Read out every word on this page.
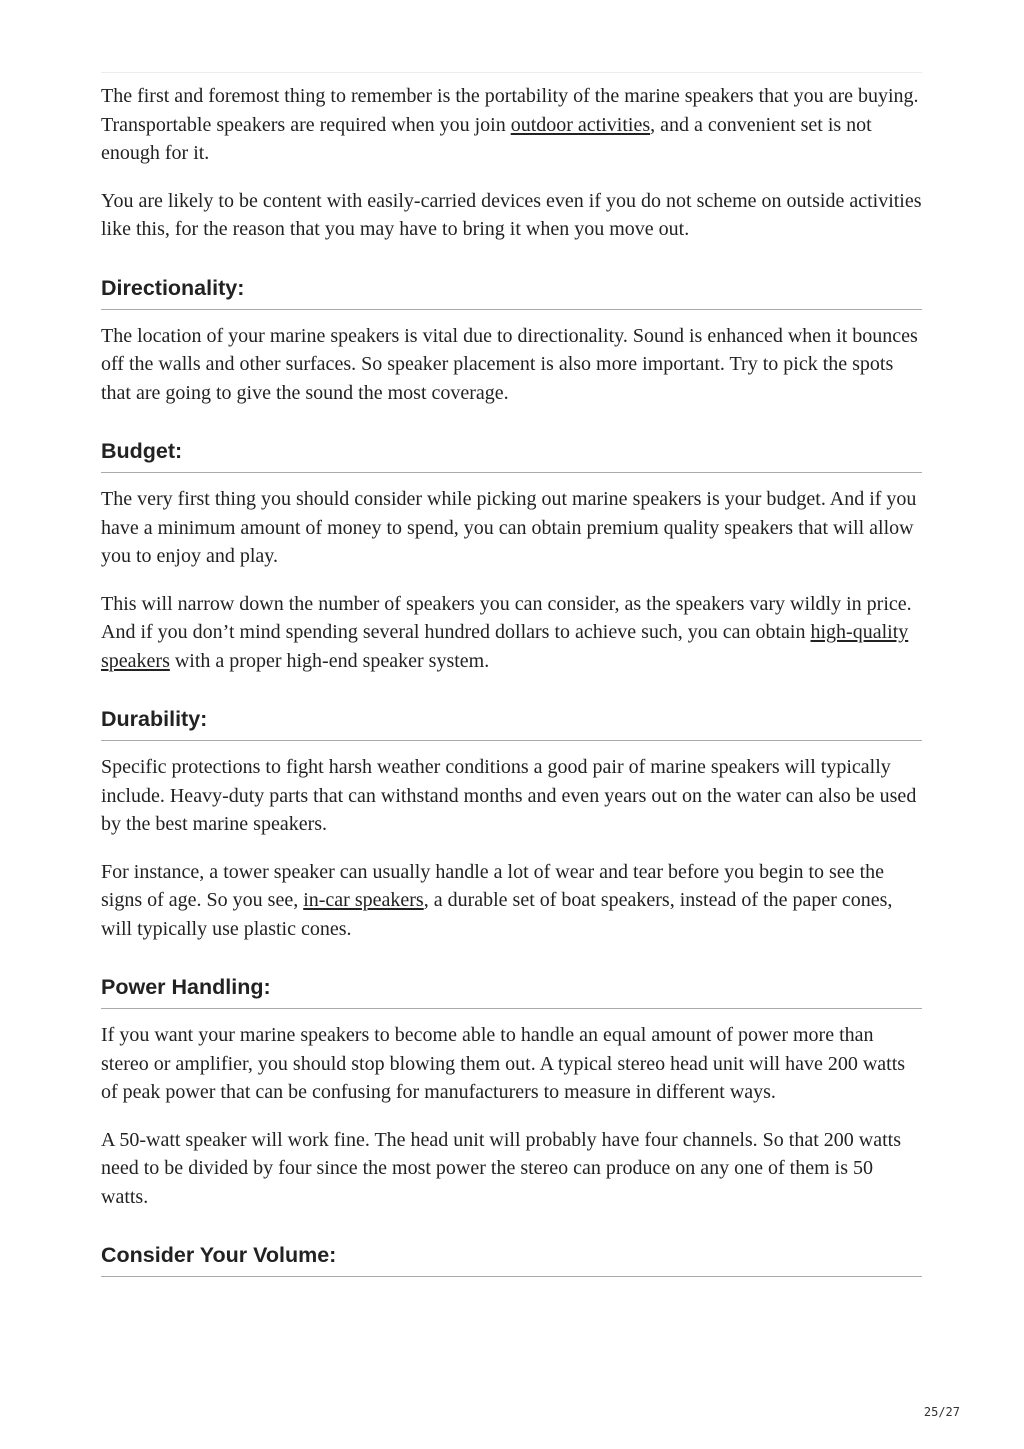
The first and foremost thing to remember is the portability of the marine speakers that you are buying. Transportable speakers are required when you join outdoor activities, and a convenient set is not enough for it.

You are likely to be content with easily-carried devices even if you do not scheme on outside activities like this, for the reason that you may have to bring it when you move out.

Directionality:

The location of your marine speakers is vital due to directionality. Sound is enhanced when it bounces off the walls and other surfaces. So speaker placement is also more important. Try to pick the spots that are going to give the sound the most coverage.

Budget:

The very first thing you should consider while picking out marine speakers is your budget. And if you have a minimum amount of money to spend, you can obtain premium quality speakers that will allow you to enjoy and play.

This will narrow down the number of speakers you can consider, as the speakers vary wildly in price. And if you don’t mind spending several hundred dollars to achieve such, you can obtain high-quality speakers with a proper high-end speaker system.

Durability:

Specific protections to fight harsh weather conditions a good pair of marine speakers will typically include. Heavy-duty parts that can withstand months and even years out on the water can also be used by the best marine speakers.

For instance, a tower speaker can usually handle a lot of wear and tear before you begin to see the signs of age. So you see, in-car speakers, a durable set of boat speakers, instead of the paper cones, will typically use plastic cones.

Power Handling:

If you want your marine speakers to become able to handle an equal amount of power more than stereo or amplifier, you should stop blowing them out. A typical stereo head unit will have 200 watts of peak power that can be confusing for manufacturers to measure in different ways.

A 50-watt speaker will work fine. The head unit will probably have four channels. So that 200 watts need to be divided by four since the most power the stereo can produce on any one of them is 50 watts.

Consider Your Volume:
25/27
